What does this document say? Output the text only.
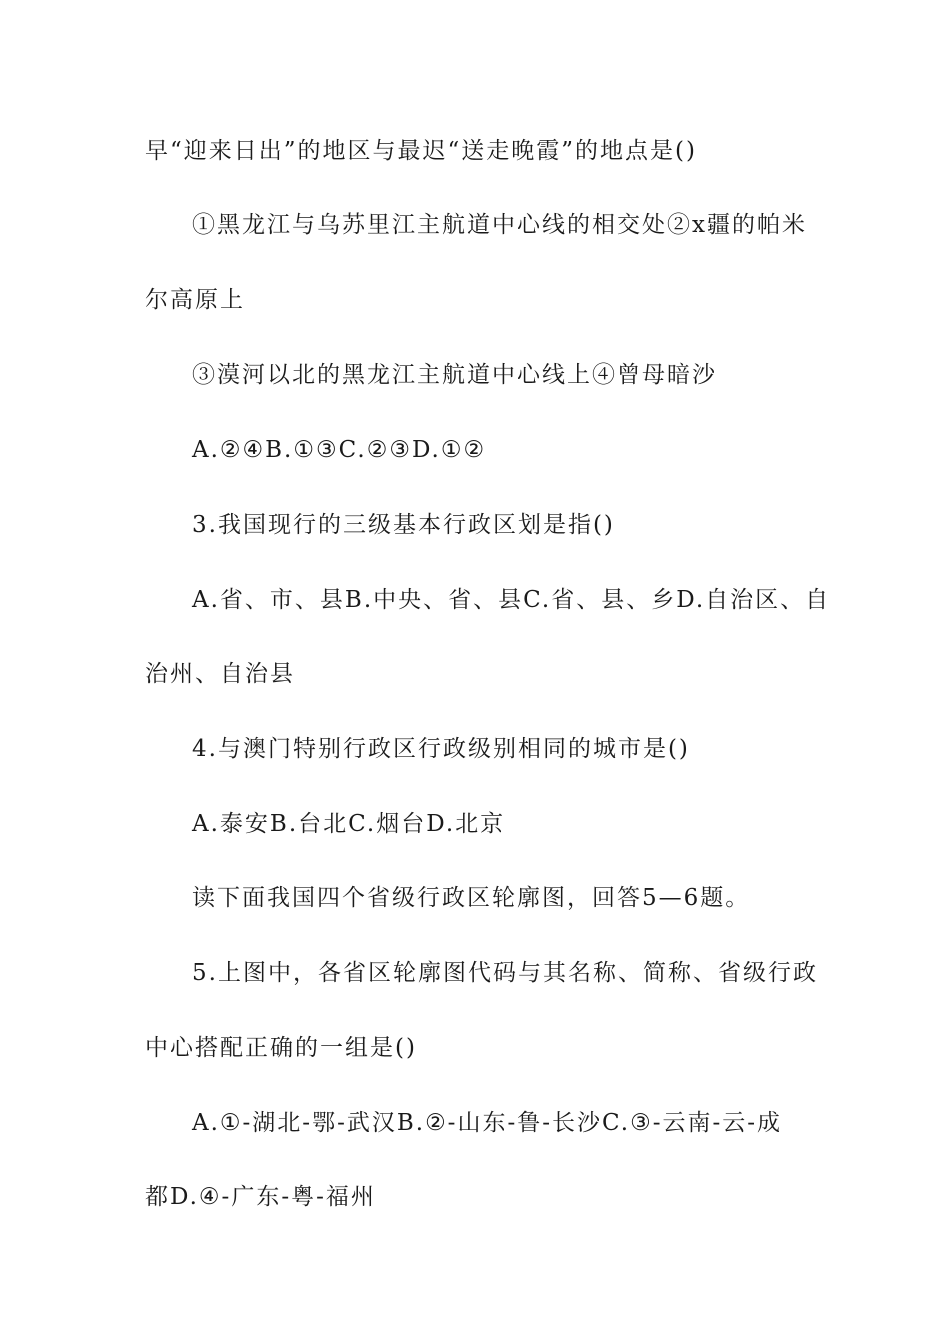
早“迎来日出”的地区与最迟“送走晚霞”的地点是()
①黑龙江与乌苏里江主航道中心线的相交处②x疆的帕米
尔高原上
③漠河以北的黑龙江主航道中心线上④曾母暗沙
A.②④B.①③C.②③D.①②
3.我国现行的三级基本行政区划是指()
A.省、市、县B.中央、省、县C.省、县、乡D.自治区、自
治州、自治县
4.与澳门特别行政区行政级别相同的城市是()
A.泰安B.台北C.烟台D.北京
读下面我国四个省级行政区轮廓图，回答5—6题。
5.上图中，各省区轮廓图代码与其名称、简称、省级行政
中心搭配正确的一组是()
A.①-湖北-鄂-武汉B.②-山东-鲁-长沙C.③-云南-云-成
都D.④-广东-粤-福州
